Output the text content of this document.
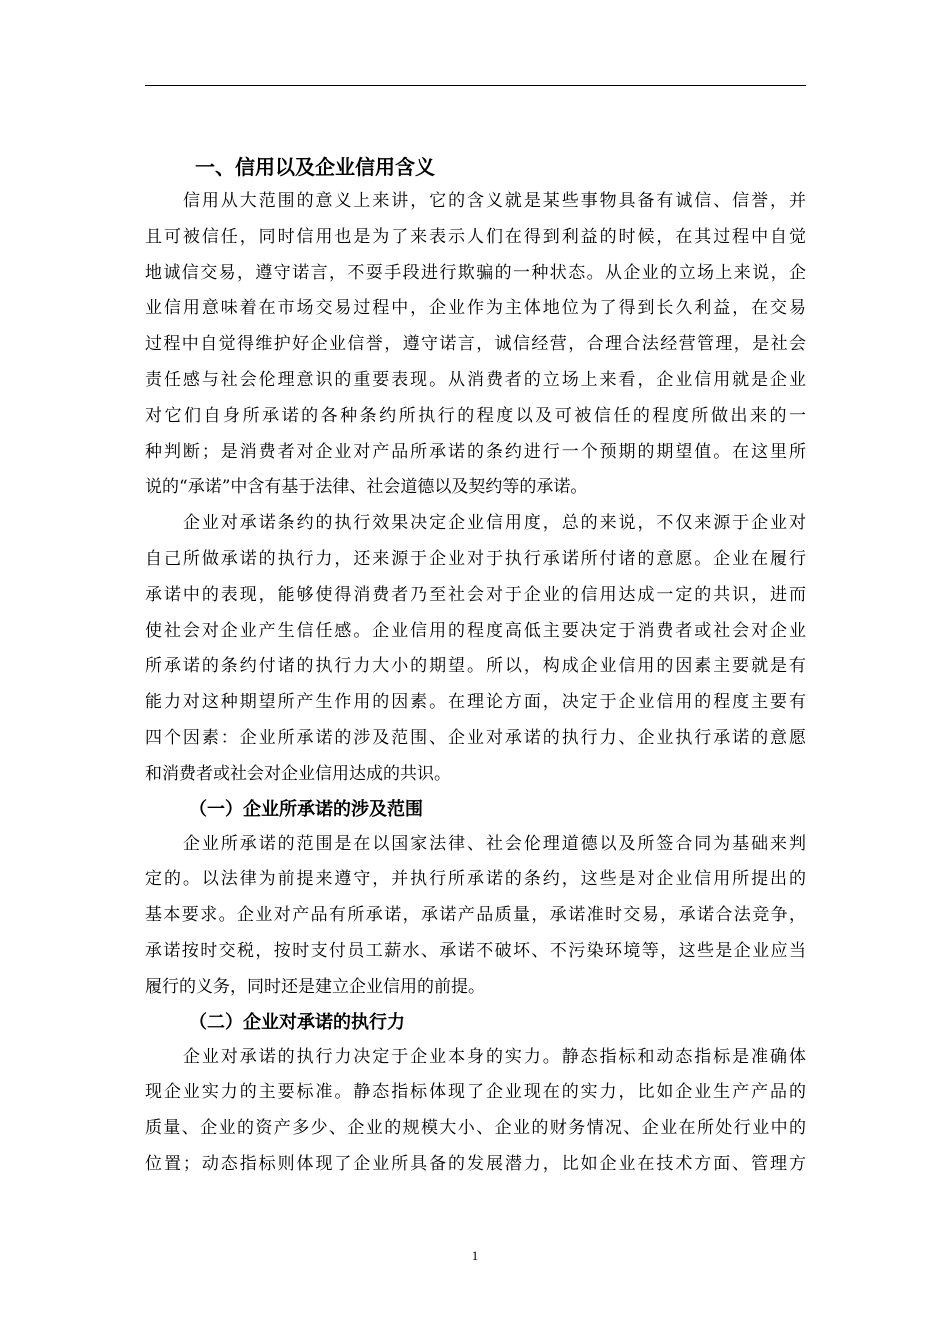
一、信用以及企业信用含义
信用从大范围的意义上来讲，它的含义就是某些事物具备有诚信、信誉，并
且可被信任，同时信用也是为了来表示人们在得到利益的时候，在其过程中自觉
地诚信交易，遵守诺言，不耍手段进行欺骗的一种状态。从企业的立场上来说，企
业信用意味着在市场交易过程中，企业作为主体地位为了得到长久利益，在交易
过程中自觉得维护好企业信誉，遵守诺言，诚信经营，合理合法经营管理，是社会
责任感与社会伦理意识的重要表现。从消费者的立场上来看，企业信用就是企业
对它们自身所承诺的各种条约所执行的程度以及可被信任的程度所做出来的一
种判断；是消费者对企业对产品所承诺的条约进行一个预期的期望值。在这里所
说的“承诺”中含有基于法律、社会道德以及契约等的承诺。
企业对承诺条约的执行效果决定企业信用度，总的来说，不仅来源于企业对
自己所做承诺的执行力，还来源于企业对于执行承诺所付诸的意愿。企业在履行
承诺中的表现，能够使得消费者乃至社会对于企业的信用达成一定的共识，进而
使社会对企业产生信任感。企业信用的程度高低主要决定于消费者或社会对企业
所承诺的条约付诸的执行力大小的期望。所以，构成企业信用的因素主要就是有
能力对这种期望所产生作用的因素。在理论方面，决定于企业信用的程度主要有
四个因素：企业所承诺的涉及范围、企业对承诺的执行力、企业执行承诺的意愿
和消费者或社会对企业信用达成的共识。
（一）企业所承诺的涉及范围
企业所承诺的范围是在以国家法律、社会伦理道德以及所签合同为基础来判
定的。以法律为前提来遵守，并执行所承诺的条约，这些是对企业信用所提出的
基本要求。企业对产品有所承诺，承诺产品质量，承诺准时交易，承诺合法竞争，
承诺按时交税，按时支付员工薪水、承诺不破坏、不污染环境等，这些是企业应当
履行的义务，同时还是建立企业信用的前提。
（二）企业对承诺的执行力
企业对承诺的执行力决定于企业本身的实力。静态指标和动态指标是准确体
现企业实力的主要标准。静态指标体现了企业现在的实力，比如企业生产产品的
质量、企业的资产多少、企业的规模大小、企业的财务情况、企业在所处行业中的
位置；动态指标则体现了企业所具备的发展潜力，比如企业在技术方面、管理方
1
